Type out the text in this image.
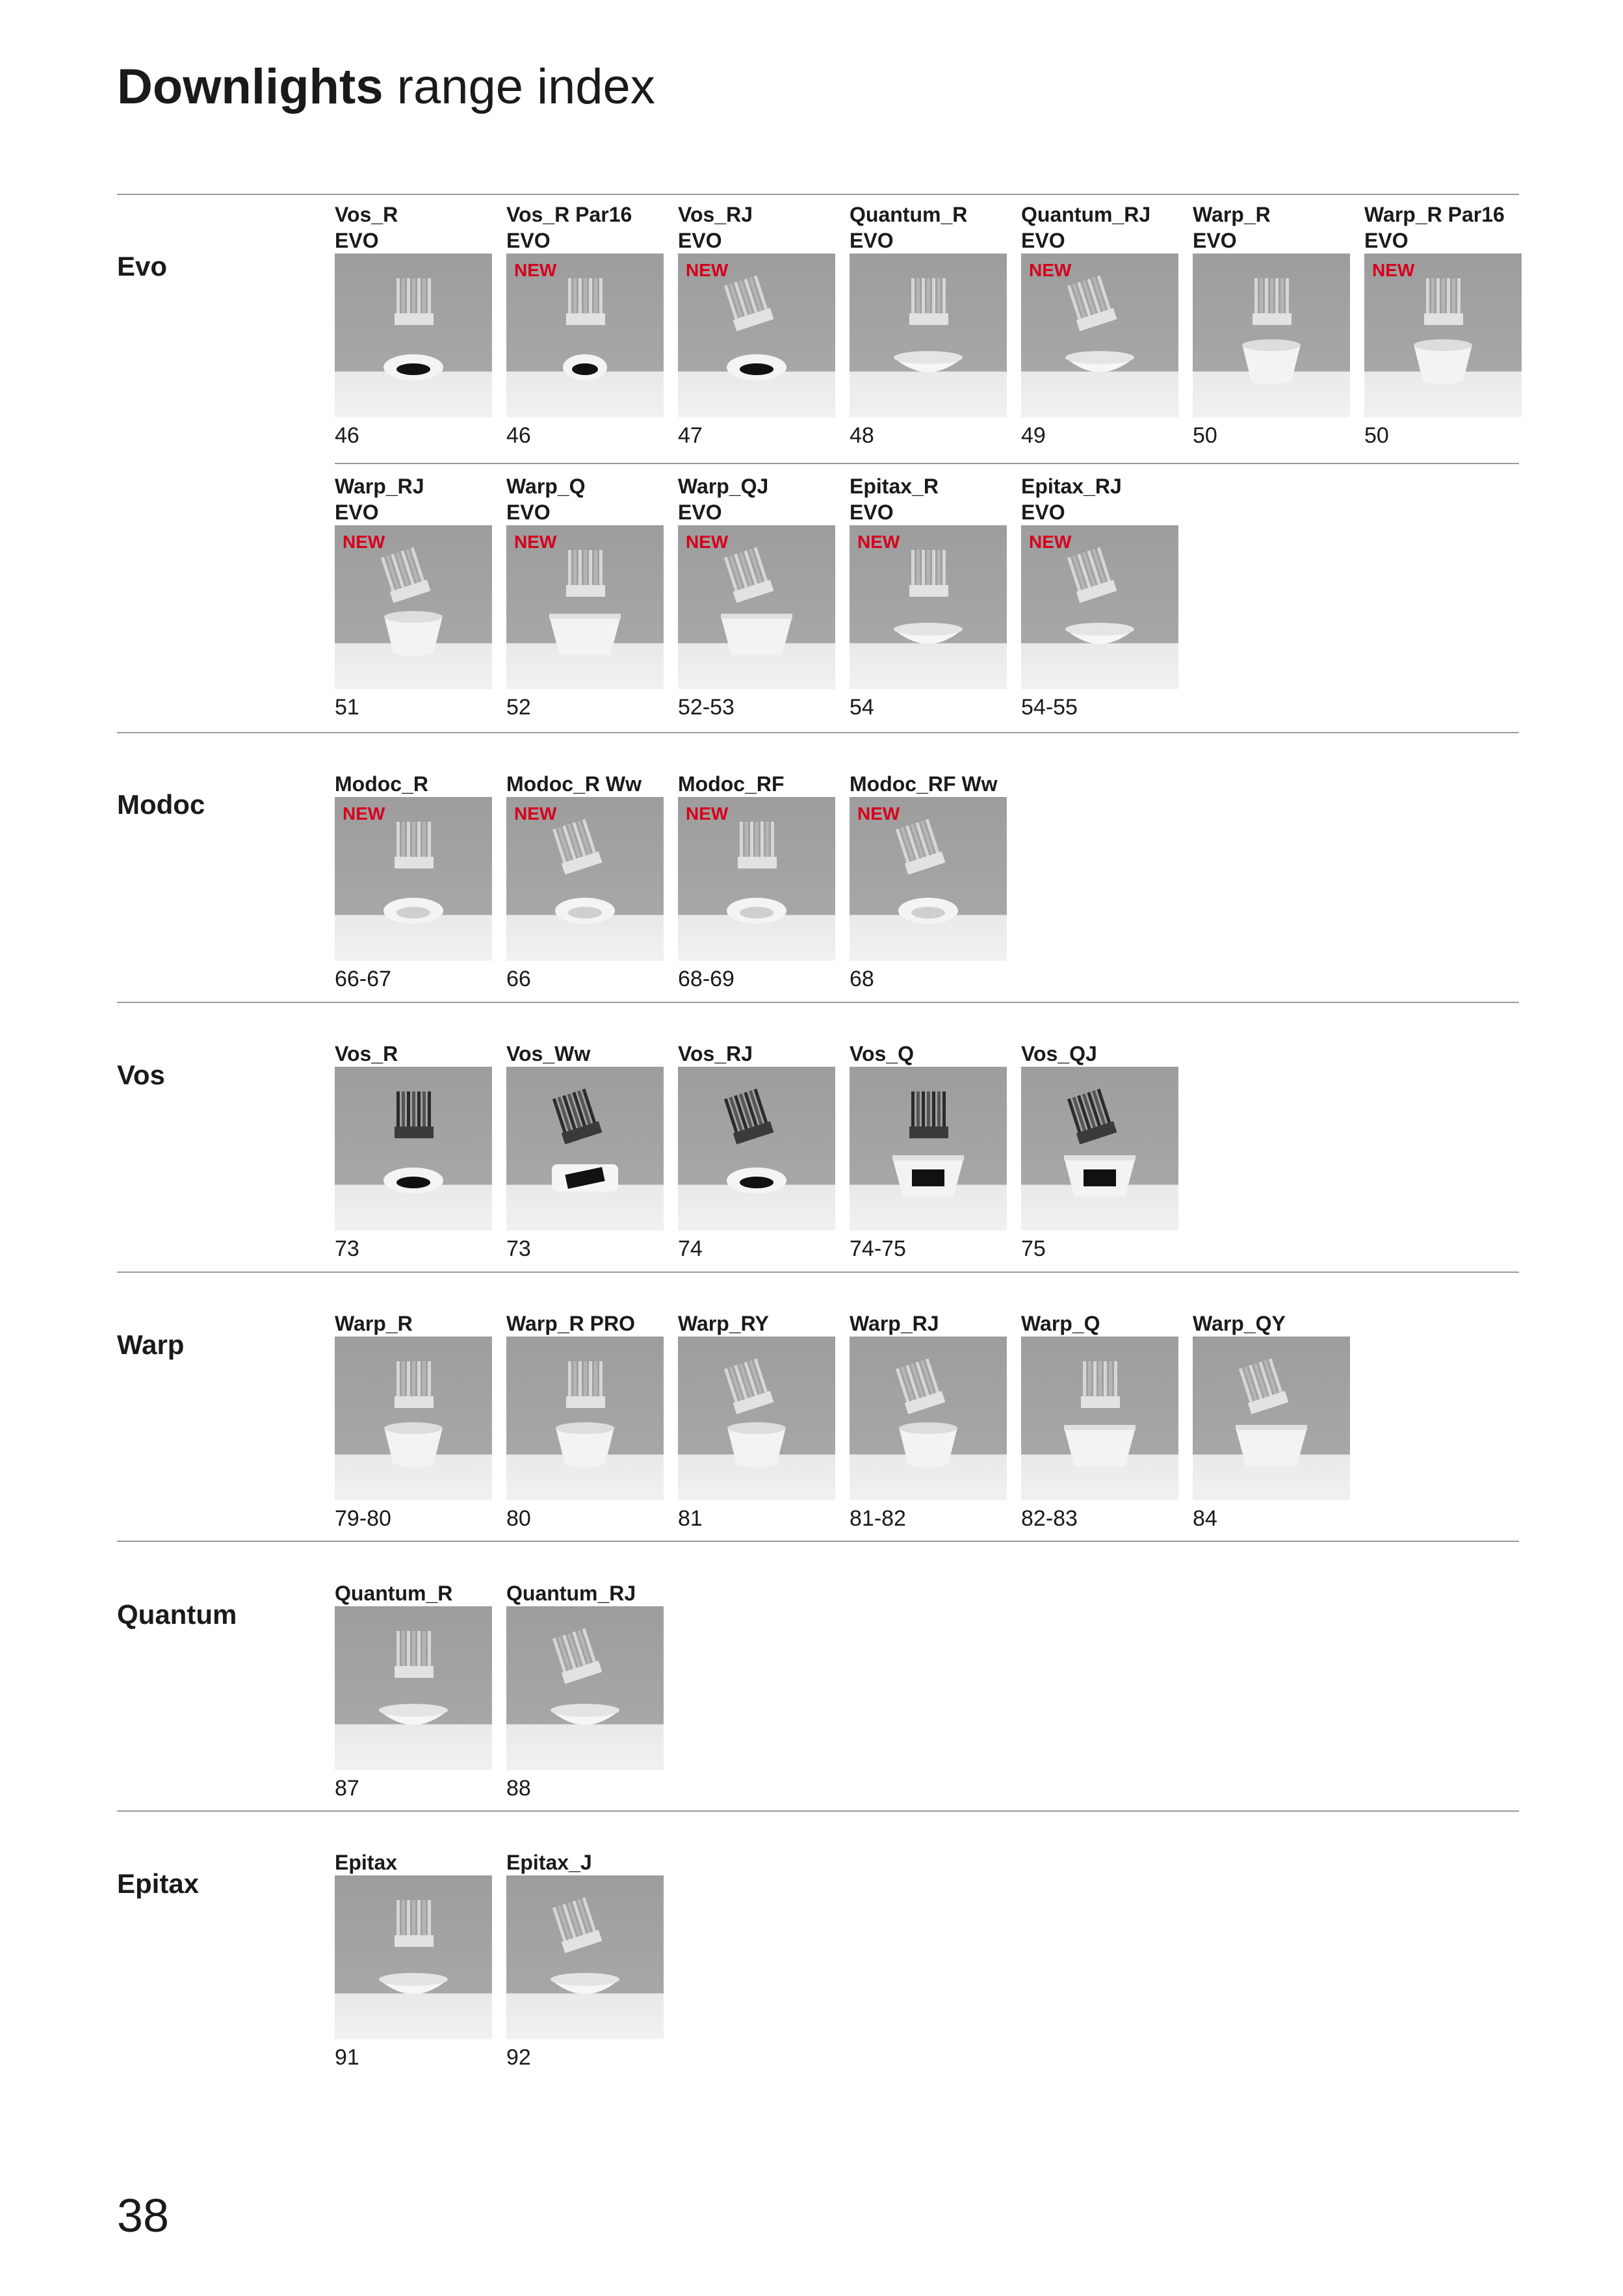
Downlights range index
Evo
Modoc
Vos
Warp
Quantum
Epitax
Vos_R
EVO
46
Vos_R Par16
EVO
NEW
46
Vos_RJ
EVO
NEW
47
Quantum_R
EVO
48
Quantum_RJ
EVO
NEW
49
Warp_R
EVO
50
Warp_R Par16
EVO
NEW
50
Warp_RJ
EVO
NEW
51
Warp_Q
EVO
NEW
52
Warp_QJ
EVO
NEW
52-53
Epitax_R
EVO
NEW
54
Epitax_RJ
EVO
NEW
54-55
Modoc_R
NEW
66-67
Modoc_R Ww
NEW
66
Modoc_RF
NEW
68-69
Modoc_RF Ww
NEW
68
Vos_R
73
Vos_Ww
73
Vos_RJ
74
Vos_Q
74-75
Vos_QJ
75
Warp_R
79-80
Warp_R PRO
80
Warp_RY
81
Warp_RJ
81-82
Warp_Q
82-83
Warp_QY
84
Quantum_R
87
Quantum_RJ
88
Epitax
91
Epitax_J
92
38
